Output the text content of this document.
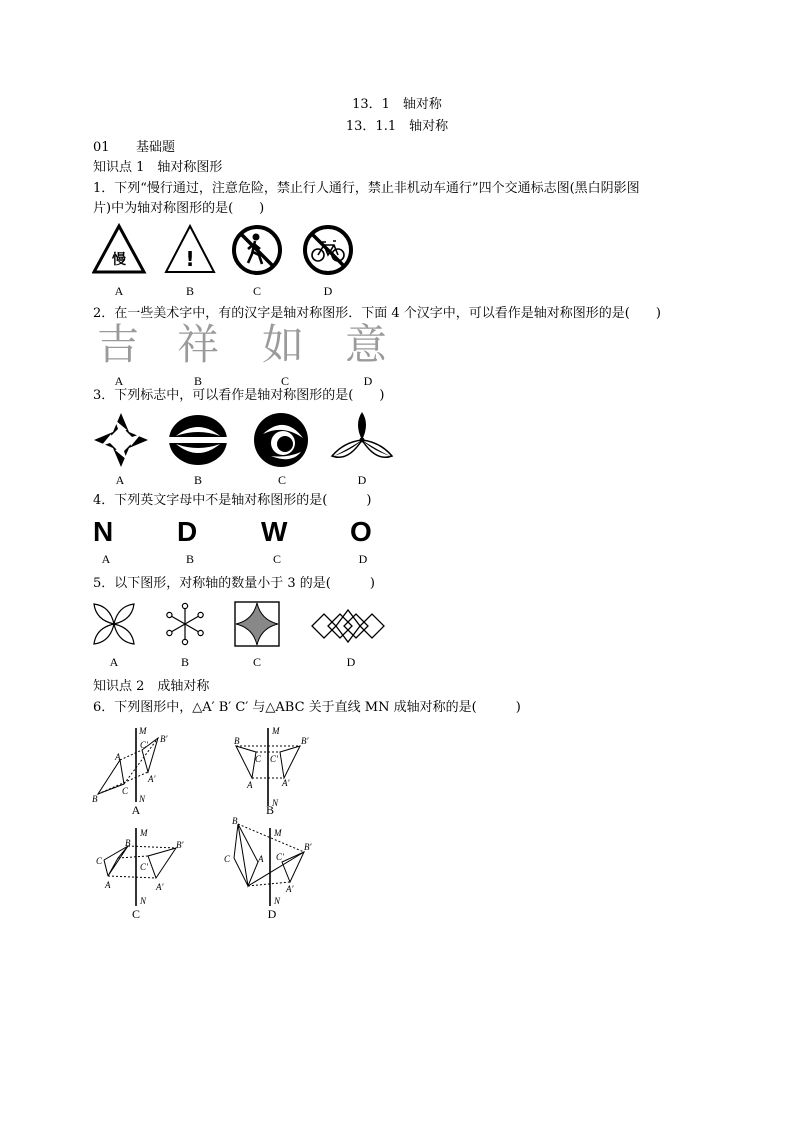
13．1　轴对称
13．1.1　轴对称
01 基础题
知识点 1　轴对称图形
1．下列“慢行通过，注意危险，禁止行人通行，禁止非机动车通行”四个交通标志图(黑白阴影图
片)中为轴对称图形的是(　　)
慢	!
A	B	C	D
2．在一些美术字中，有的汉字是轴对称图形．下面 4 个汉字中，可以看作是轴对称图形的是(　　)
吉 祥 如 意
A	B	C	D
3．下列标志中，可以看作是轴对称图形的是(　　)
A	B	C	D
4．下列英文字母中不是轴对称图形的是(　　　)
N D W O
A	B	C	D
5．以下图形，对称轴的数量小于 3 的是(　　　)
A	B	C	D
知识点 2　成轴对称
6．下列图形中，△A′ B′ C′ 与△ABC 关于直线 MN 成轴对称的是(　　　)
M
N
A
B
C
A′
B′
C′
M
N
B
C
A
B′
C′
A′
M
N
B
C
A
B′
C′
A′
M
N
B
C	A
B′
C′
A′
A	B
C	D
